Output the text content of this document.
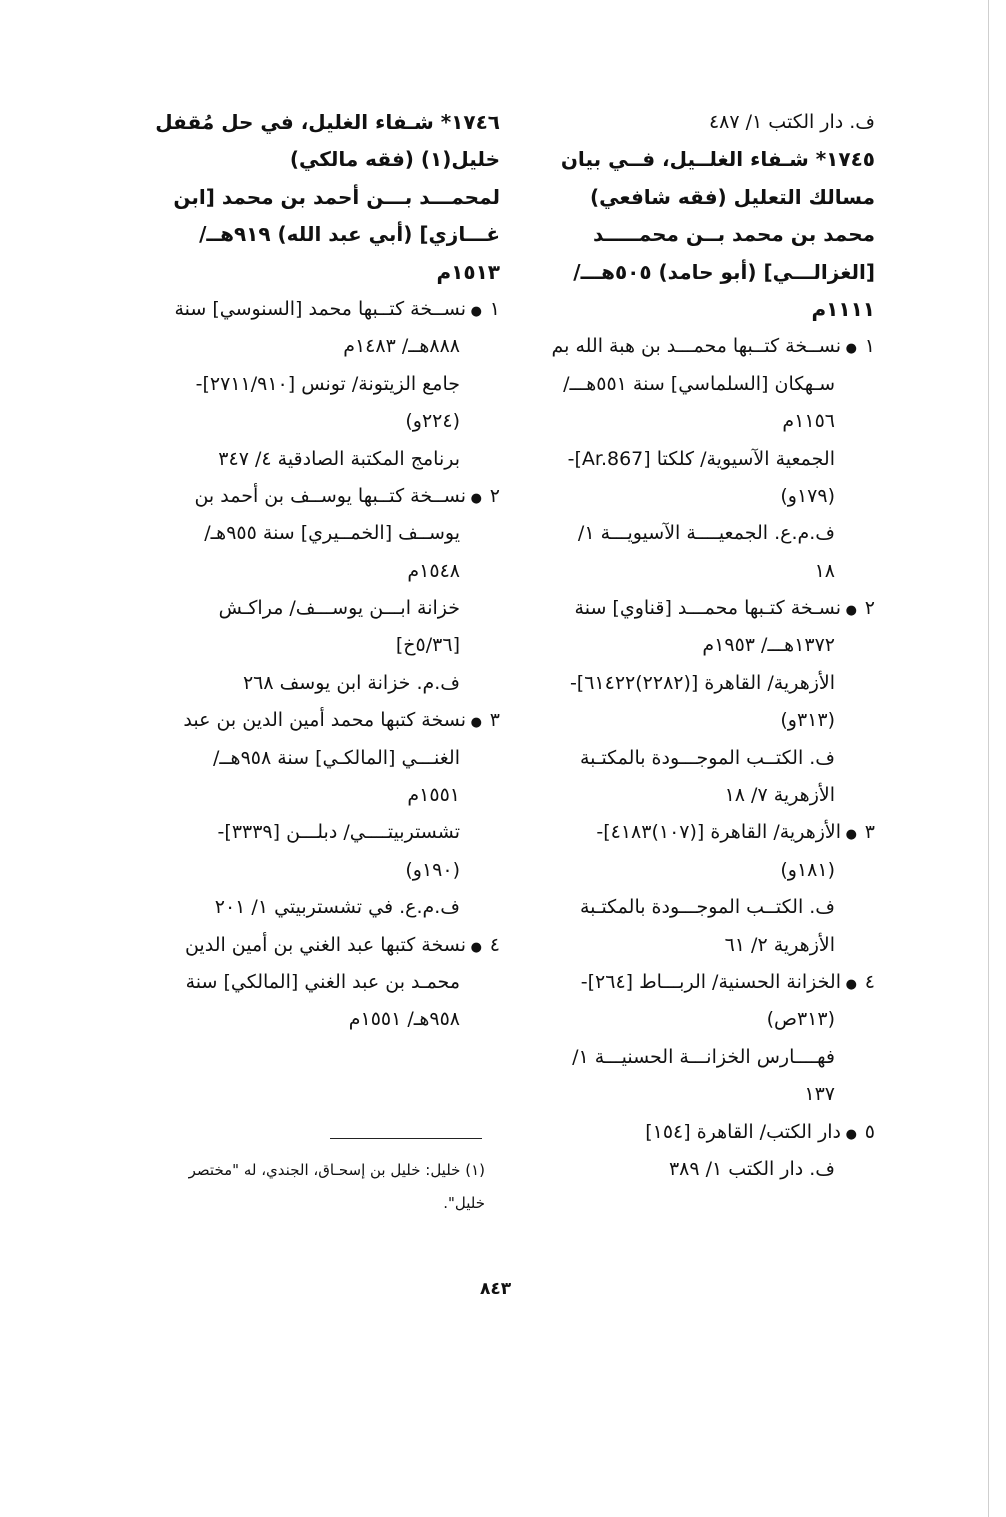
ف. دار الكتب ١/ ٤٨٧
١٧٤٥* شـفاء الغلــيل، فــي بيان
مسالك التعليل (فقه شافعي)
محمد بن محمد بــن محمـــــد
[الغزالـــي] (أبو حامد) ٥٠٥هـــ/
١١١١م
١●نســخة كتــبها محمـــد بن هبة الله بم
سـهكان [السلماسي] سنة ٥٥١هـــ/
١١٥٦م
الجمعية الآسيوية/ كلكتا [Ar.867]-
(١٧٩و)
ف.م.ع. الجمعيــــة الآسيويـــة ١/
١٨
٢●نسـخة كتـبها محمـــد [قناوي] سنة
١٣٧٢هـــ/ ١٩٥٣م
الأزهرية/ القاهرة [(٢٢٨٢)٦١٤٢٢]-
(٣١٣و)
ف. الكتــب الموجـــودة بالمكتـبة
الأزهرية ٧/ ١٨
٣●الأزهرية/ القاهرة [(١٠٧)٤١٨٣]-
(١٨١و)
ف. الكتــب الموجـــودة بالمكتـبة
الأزهرية ٢/ ٦١
٤●الخزانة الحسنية/ الربـــاط [٢٦٤]-
(٣١٣ص)
فهــــارس الخزانـــة الحسنيـــة ١/
١٣٧
٥●دار الكتب/ القاهرة [١٥٤]
ف. دار الكتب ١/ ٣٨٩
١٧٤٦* شـفاء الغليل، في حل مُقفل
خليل(١) (فقه مالكي)
لمحمـــد بـــن أحمد بن محمد [ابن
غـــازي] (أبي عبد الله) ٩١٩هــ/
١٥١٣م
١●نســخة كتــبها محمد [السنوسي] سنة
٨٨٨هــ/ ١٤٨٣م
جامع الزيتونة/ تونس [٢٧١١/٩١٠]-
(٢٢٤و)
برنامج المكتبة الصادقية ٤/ ٣٤٧
٢●نســخة كتــبها يوســف بن أحمد بن
يوســف [الخمــيري] سنة ٩٥٥هـ/
١٥٤٨م
خزانة ابـــن يوســـف/ مراكـش
[٥/٣٦خ]
ف.م. خزانة ابن يوسف ٢٦٨
٣●نسخة كتبها محمد أمين الدين بن عبد
الغنـــي [المالكـي] سنة ٩٥٨هــ/
١٥٥١م
تشستربيتــــي/ دبلـــن [٣٣٣٩]-
(١٩٠و)
ف.م.ع. في تشستربيتي ١/ ٢٠١
٤●نسخة كتبها عبد الغني بن أمين الدين
محمـد بن عبد الغني [المالكي] سنة
٩٥٨هـ/ ١٥٥١م
(١) خليل: خليل بن إسحـاق، الجندي، له "مختصر
خليل".
٨٤٣
